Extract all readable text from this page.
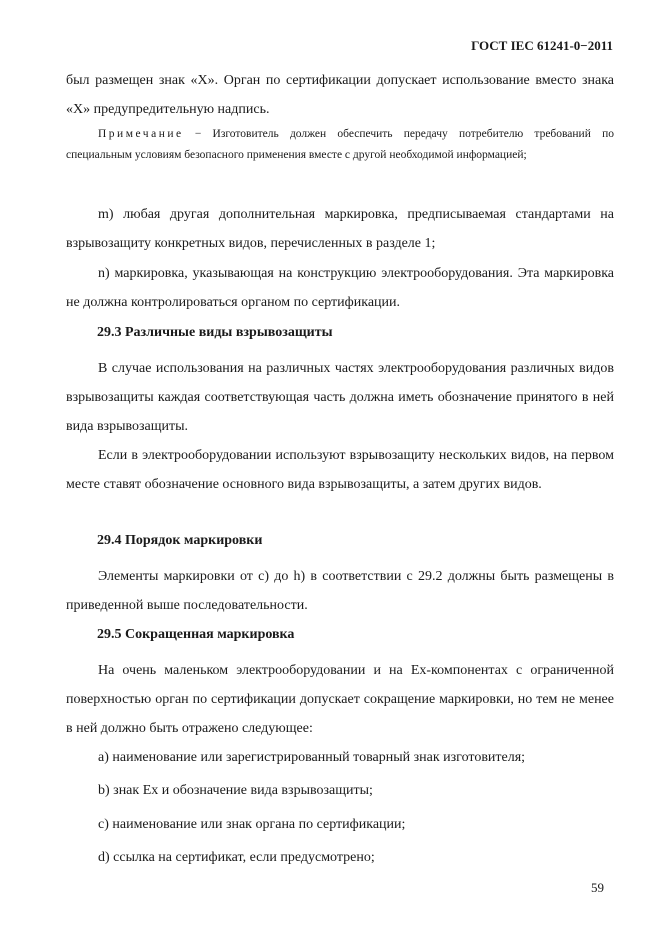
ГОСТ IEC 61241-0−2011

был размещен знак «X». Орган по сертификации допускает использование вместо знака «X» предупредительную надпись.

Примечание − Изготовитель должен обеспечить передачу потребителю требований по специальным условиям безопасного применения вместе с другой необходимой информацией;

m) любая другая дополнительная маркировка, предписываемая стандартами на взрывозащиту конкретных видов, перечисленных в разделе 1;

n) маркировка, указывающая на конструкцию электрооборудования. Эта маркировка не должна контролироваться органом по сертификации.

29.3 Различные виды взрывозащиты

В случае использования на различных частях электрооборудования различных видов взрывозащиты каждая соответствующая часть должна иметь обозначение принятого в ней вида взрывозащиты.

Если в электрооборудовании используют взрывозащиту нескольких видов, на первом месте ставят обозначение основного вида взрывозащиты, а затем других видов.

29.4 Порядок маркировки

Элементы маркировки от c) до h) в соответствии с 29.2 должны быть размещены в приведенной выше последовательности.

29.5 Сокращенная маркировка

На очень маленьком электрооборудовании и на Ex-компонентах с ограниченной поверхностью орган по сертификации допускает сокращение маркировки, но тем не менее в ней должно быть отражено следующее:

a) наименование или зарегистрированный товарный знак изготовителя;

b) знак Ex и обозначение вида взрывозащиты;

c) наименование или знак органа по сертификации;

d) ссылка на сертификат, если предусмотрено;

59
